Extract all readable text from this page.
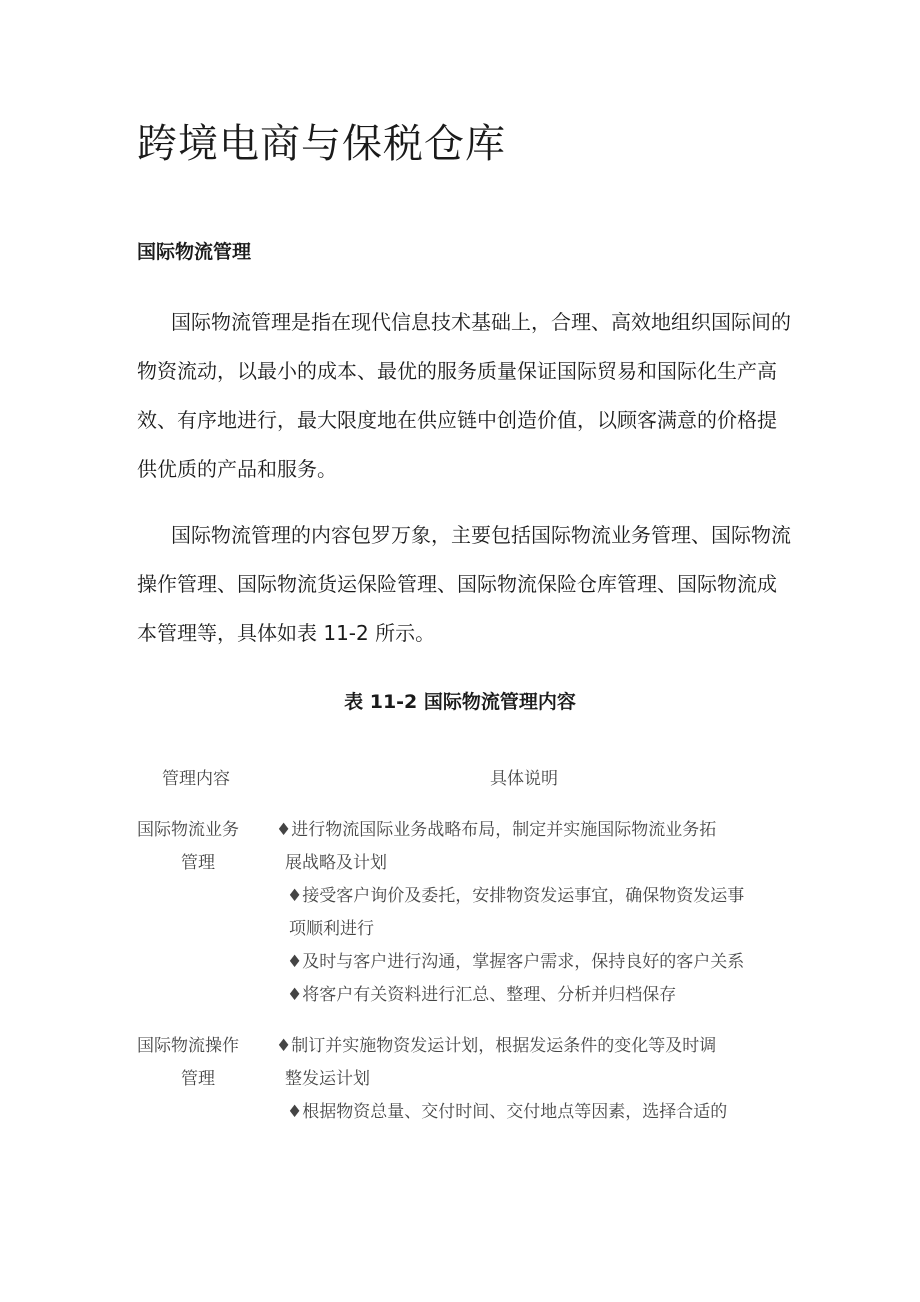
跨境电商与保税仓库
国际物流管理
国际物流管理是指在现代信息技术基础上，合理、高效地组织国际间的
物资流动，以最小的成本、最优的服务质量保证国际贸易和国际化生产高
效、有序地进行，最大限度地在供应链中创造价值，以顾客满意的价格提
供优质的产品和服务。
国际物流管理的内容包罗万象，主要包括国际物流业务管理、国际物流
操作管理、国际物流货运保险管理、国际物流保险仓库管理、国际物流成
本管理等，具体如表 11-2 所示。
表 11-2 国际物流管理内容
管理内容	具体说明
国际物流业务
管理
♦进行物流国际业务战略布局，制定并实施国际物流业务拓
展战略及计划
♦接受客户询价及委托，安排物资发运事宜，确保物资发运事
项顺利进行
♦及时与客户进行沟通，掌握客户需求，保持良好的客户关系
♦将客户有关资料进行汇总、整理、分析并归档保存
国际物流操作
管理
♦制订并实施物资发运计划，根据发运条件的变化等及时调
整发运计划
♦根据物资总量、交付时间、交付地点等因素，选择合适的
